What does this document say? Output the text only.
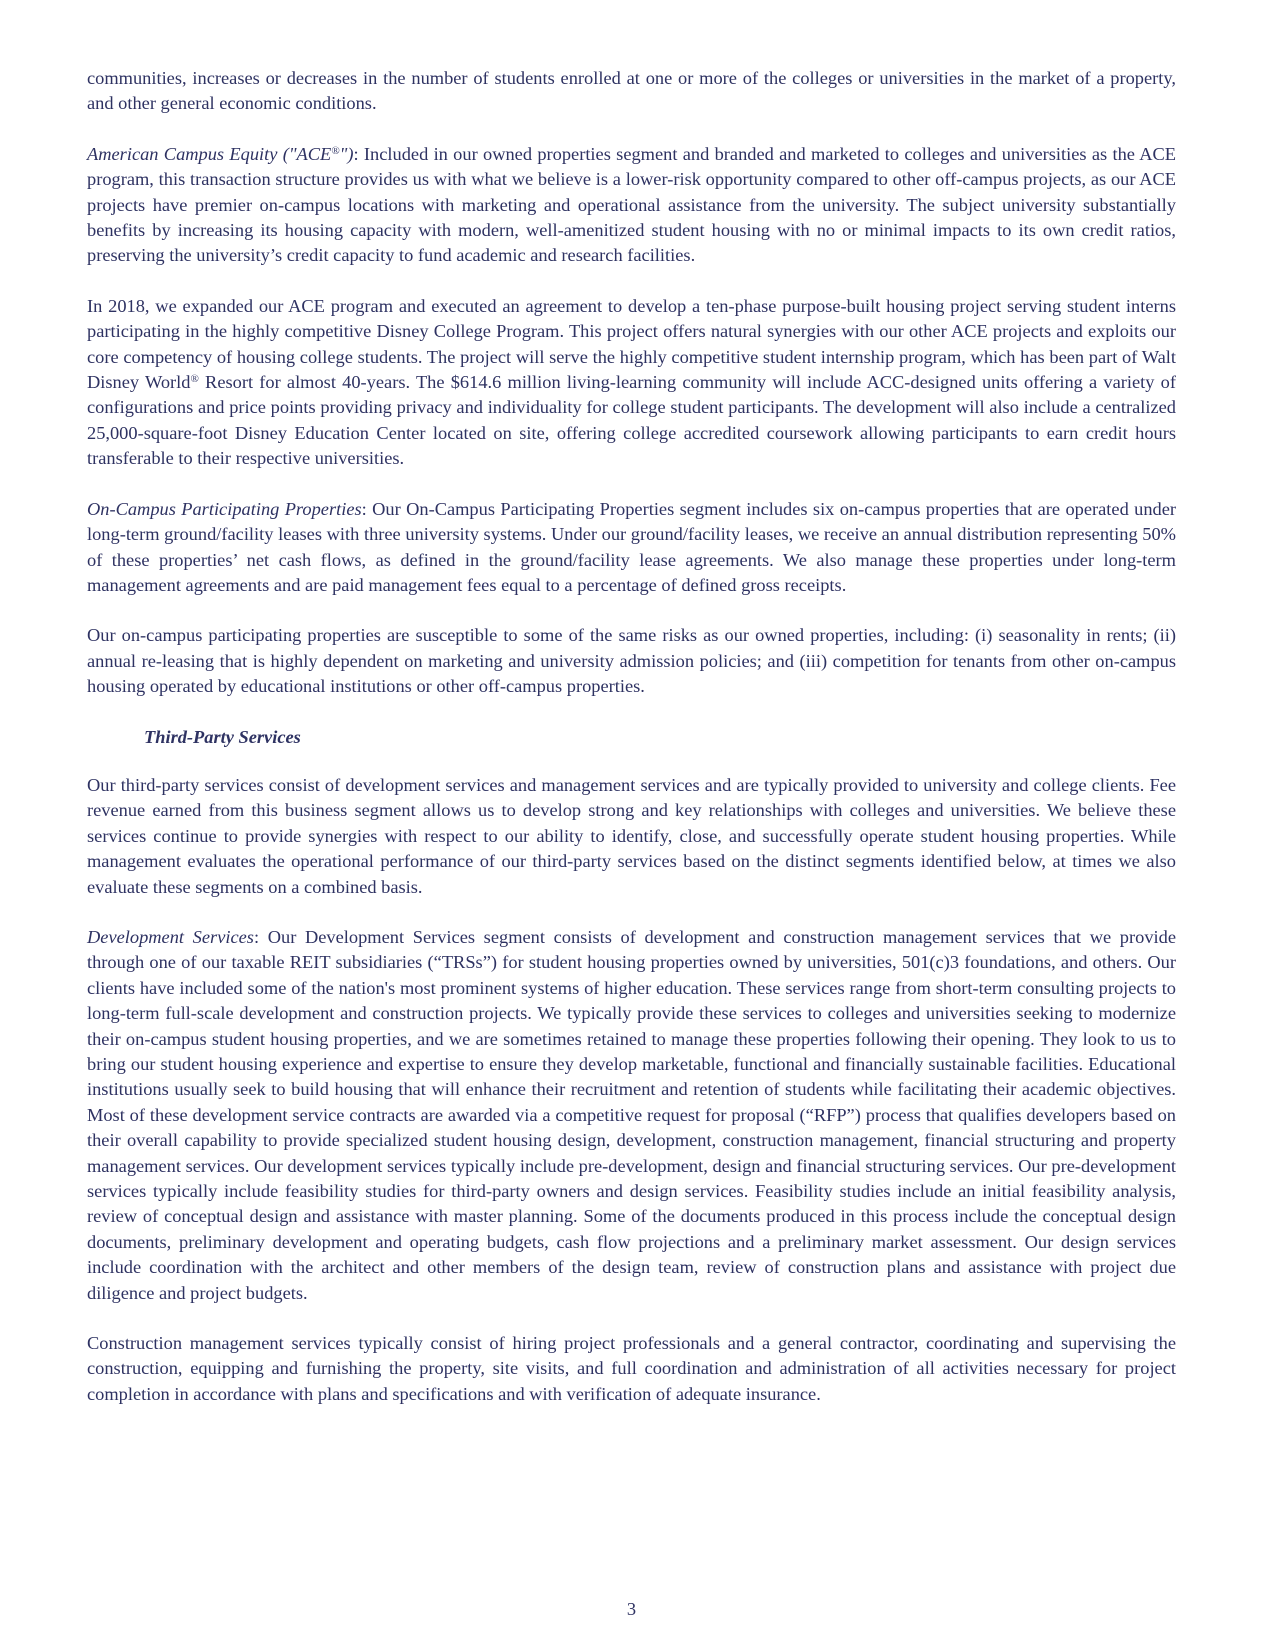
communities, increases or decreases in the number of students enrolled at one or more of the colleges or universities in the market of a property, and other general economic conditions.

American Campus Equity ("ACE®"): Included in our owned properties segment and branded and marketed to colleges and universities as the ACE program, this transaction structure provides us with what we believe is a lower-risk opportunity compared to other off-campus projects, as our ACE projects have premier on-campus locations with marketing and operational assistance from the university. The subject university substantially benefits by increasing its housing capacity with modern, well-amenitized student housing with no or minimal impacts to its own credit ratios, preserving the university’s credit capacity to fund academic and research facilities.

In 2018, we expanded our ACE program and executed an agreement to develop a ten-phase purpose-built housing project serving student interns participating in the highly competitive Disney College Program. This project offers natural synergies with our other ACE projects and exploits our core competency of housing college students. The project will serve the highly competitive student internship program, which has been part of Walt Disney World® Resort for almost 40-years. The $614.6 million living-learning community will include ACC-designed units offering a variety of configurations and price points providing privacy and individuality for college student participants. The development will also include a centralized 25,000-square-foot Disney Education Center located on site, offering college accredited coursework allowing participants to earn credit hours transferable to their respective universities.

On-Campus Participating Properties: Our On-Campus Participating Properties segment includes six on-campus properties that are operated under long-term ground/facility leases with three university systems. Under our ground/facility leases, we receive an annual distribution representing 50% of these properties’ net cash flows, as defined in the ground/facility lease agreements. We also manage these properties under long-term management agreements and are paid management fees equal to a percentage of defined gross receipts.

Our on-campus participating properties are susceptible to some of the same risks as our owned properties, including: (i) seasonality in rents; (ii) annual re-leasing that is highly dependent on marketing and university admission policies; and (iii) competition for tenants from other on-campus housing operated by educational institutions or other off-campus properties.

Third-Party Services

Our third-party services consist of development services and management services and are typically provided to university and college clients. Fee revenue earned from this business segment allows us to develop strong and key relationships with colleges and universities. We believe these services continue to provide synergies with respect to our ability to identify, close, and successfully operate student housing properties. While management evaluates the operational performance of our third-party services based on the distinct segments identified below, at times we also evaluate these segments on a combined basis.

Development Services: Our Development Services segment consists of development and construction management services that we provide through one of our taxable REIT subsidiaries (“TRSs”) for student housing properties owned by universities, 501(c)3 foundations, and others. Our clients have included some of the nation's most prominent systems of higher education. These services range from short-term consulting projects to long-term full-scale development and construction projects. We typically provide these services to colleges and universities seeking to modernize their on-campus student housing properties, and we are sometimes retained to manage these properties following their opening. They look to us to bring our student housing experience and expertise to ensure they develop marketable, functional and financially sustainable facilities. Educational institutions usually seek to build housing that will enhance their recruitment and retention of students while facilitating their academic objectives. Most of these development service contracts are awarded via a competitive request for proposal (“RFP”) process that qualifies developers based on their overall capability to provide specialized student housing design, development, construction management, financial structuring and property management services. Our development services typically include pre-development, design and financial structuring services. Our pre-development services typically include feasibility studies for third-party owners and design services. Feasibility studies include an initial feasibility analysis, review of conceptual design and assistance with master planning. Some of the documents produced in this process include the conceptual design documents, preliminary development and operating budgets, cash flow projections and a preliminary market assessment. Our design services include coordination with the architect and other members of the design team, review of construction plans and assistance with project due diligence and project budgets.

Construction management services typically consist of hiring project professionals and a general contractor, coordinating and supervising the construction, equipping and furnishing the property, site visits, and full coordination and administration of all activities necessary for project completion in accordance with plans and specifications and with verification of adequate insurance.

3
